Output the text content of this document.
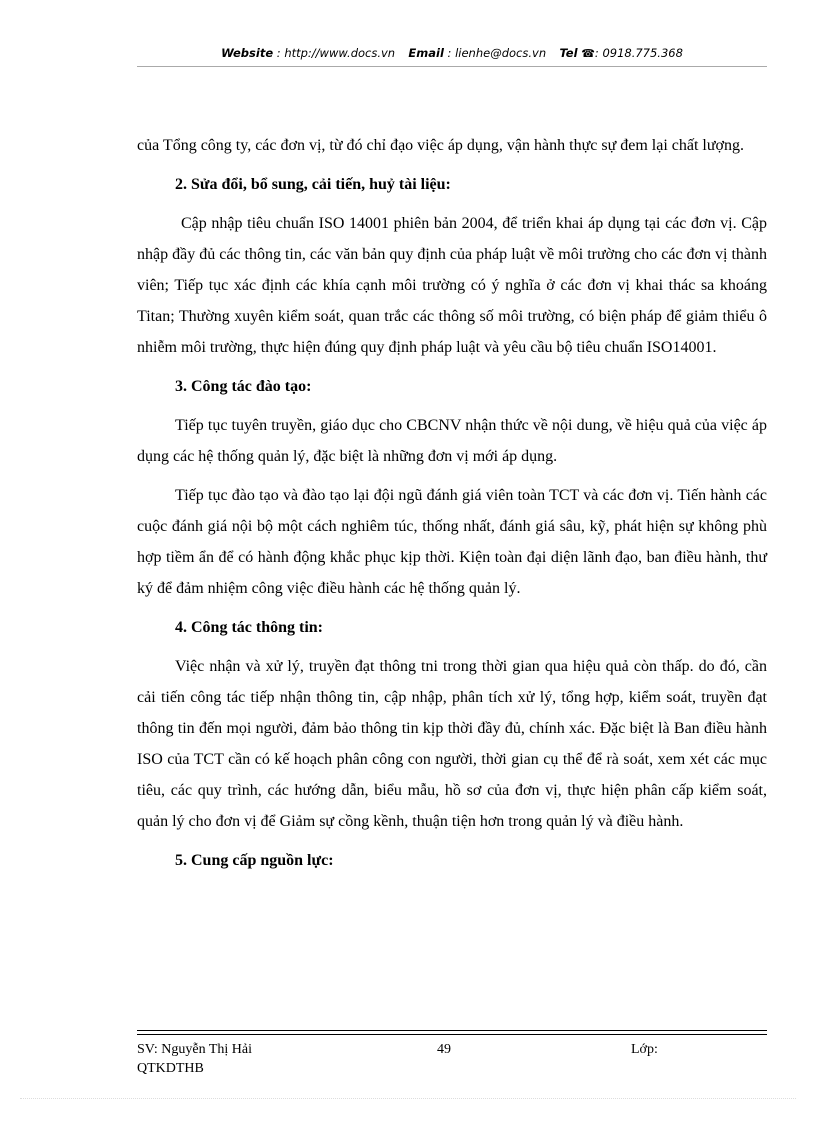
Website : http://www.docs.vn Email : lienhe@docs.vn Tel ☎: 0918.775.368

của Tổng công ty, các đơn vị, từ đó chỉ đạo việc áp dụng, vận hành thực sự đem lại chất lượng.

2. Sửa đổi, bổ sung, cải tiến, huỷ tài liệu:

Cập nhập tiêu chuẩn ISO 14001 phiên bản 2004, để triển khai áp dụng tại các đơn vị. Cập nhập đầy đủ các thông tin, các văn bản quy định của pháp luật về môi trường cho các đơn vị thành viên; Tiếp tục xác định các khía cạnh môi trường có ý nghĩa ở các đơn vị khai thác sa khoáng Titan; Thường xuyên kiểm soát, quan trắc các thông số môi trường, có biện pháp để giảm thiểu ô nhiễm môi trường, thực hiện đúng quy định pháp luật và yêu cầu bộ tiêu chuẩn ISO14001.

3. Công tác đào tạo:

Tiếp tục tuyên truyền, giáo dục cho CBCNV nhận thức về nội dung, về hiệu quả của việc áp dụng các hệ thống quản lý, đặc biệt là những đơn vị mới áp dụng.

Tiếp tục đào tạo và đào tạo lại đội ngũ đánh giá viên toàn TCT và các đơn vị. Tiến hành các cuộc đánh giá nội bộ một cách nghiêm túc, thống nhất, đánh giá sâu, kỹ, phát hiện sự không phù hợp tiềm ẩn để có hành động khắc phục kịp thời. Kiện toàn đại diện lãnh đạo, ban điều hành, thư ký để đảm nhiệm công việc điều hành các hệ thống quản lý.

4. Công tác thông tin:

Việc nhận và xử lý, truyền đạt thông tni trong thời gian qua hiệu quả còn thấp. do đó, cần cải tiến công tác tiếp nhận thông tin, cập nhập, phân tích xử lý, tổng hợp, kiểm soát, truyền đạt thông tin đến mọi người, đảm bảo thông tin kịp thời đầy đủ, chính xác. Đặc biệt là Ban điều hành ISO của TCT cần có kế hoạch phân công con người, thời gian cụ thể để rà soát, xem xét các mục tiêu, các quy trình, các hướng dẫn, biểu mẫu, hồ sơ của đơn vị, thực hiện phân cấp kiểm soát, quản lý cho đơn vị để Giảm sự cồng kềnh, thuận tiện hơn trong quản lý và điều hành.

5. Cung cấp nguồn lực:
SV: Nguyễn Thị Hải QTKDTHB
49	Lớp:
